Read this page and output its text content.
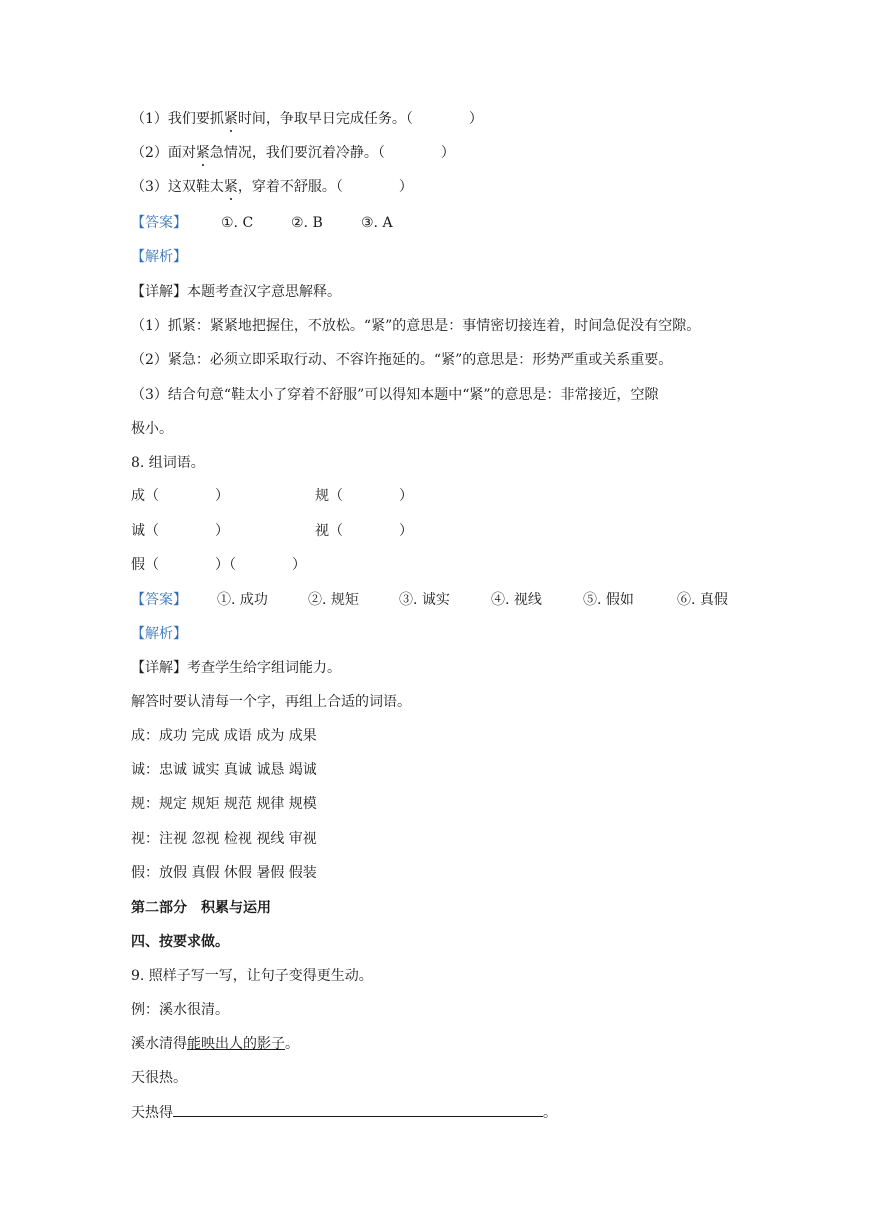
（1）我们要抓紧时间，争取早日完成任务。（　　　　）
（2）面对紧急情况，我们要沉着冷静。（　　　　）
（3）这双鞋太紧，穿着不舒服。（　　　　）
【答案】 ①. C	②. B	③. A
【解析】
【详解】本题考查汉字意思解释。
（1）抓紧：紧紧地把握住，不放松。“紧”的意思是：事情密切接连着，时间急促没有空隙。
（2）紧急：必须立即采取行动、不容许拖延的。“紧”的意思是：形势严重或关系重要。
（3）结合句意“鞋太小了穿着不舒服”可以得知本题中“紧”的意思是：非常接近，空隙
极小。
8. 组词语。
成（　　　　）	规（　　　　）
诚（　　　　）	视（　　　　）
假（　　　　）（　　　　）
【答案】 ①. 成功	②. 规矩	③. 诚实	④. 视线	⑤. 假如	⑥. 真假
【解析】
【详解】考查学生给字组词能力。
解答时要认清每一个字，再组上合适的词语。
成：成功 完成 成语 成为 成果
诚：忠诚 诚实 真诚 诚恳 竭诚
规：规定 规矩 规范 规律 规模
视：注视 忽视 检视 视线 审视
假：放假 真假 休假 暑假 假装
第二部分　积累与运用
四、按要求做。
9. 照样子写一写，让句子变得更生动。
例：溪水很清。
溪水清得能映出人的影子。
天很热。
天热得	。
